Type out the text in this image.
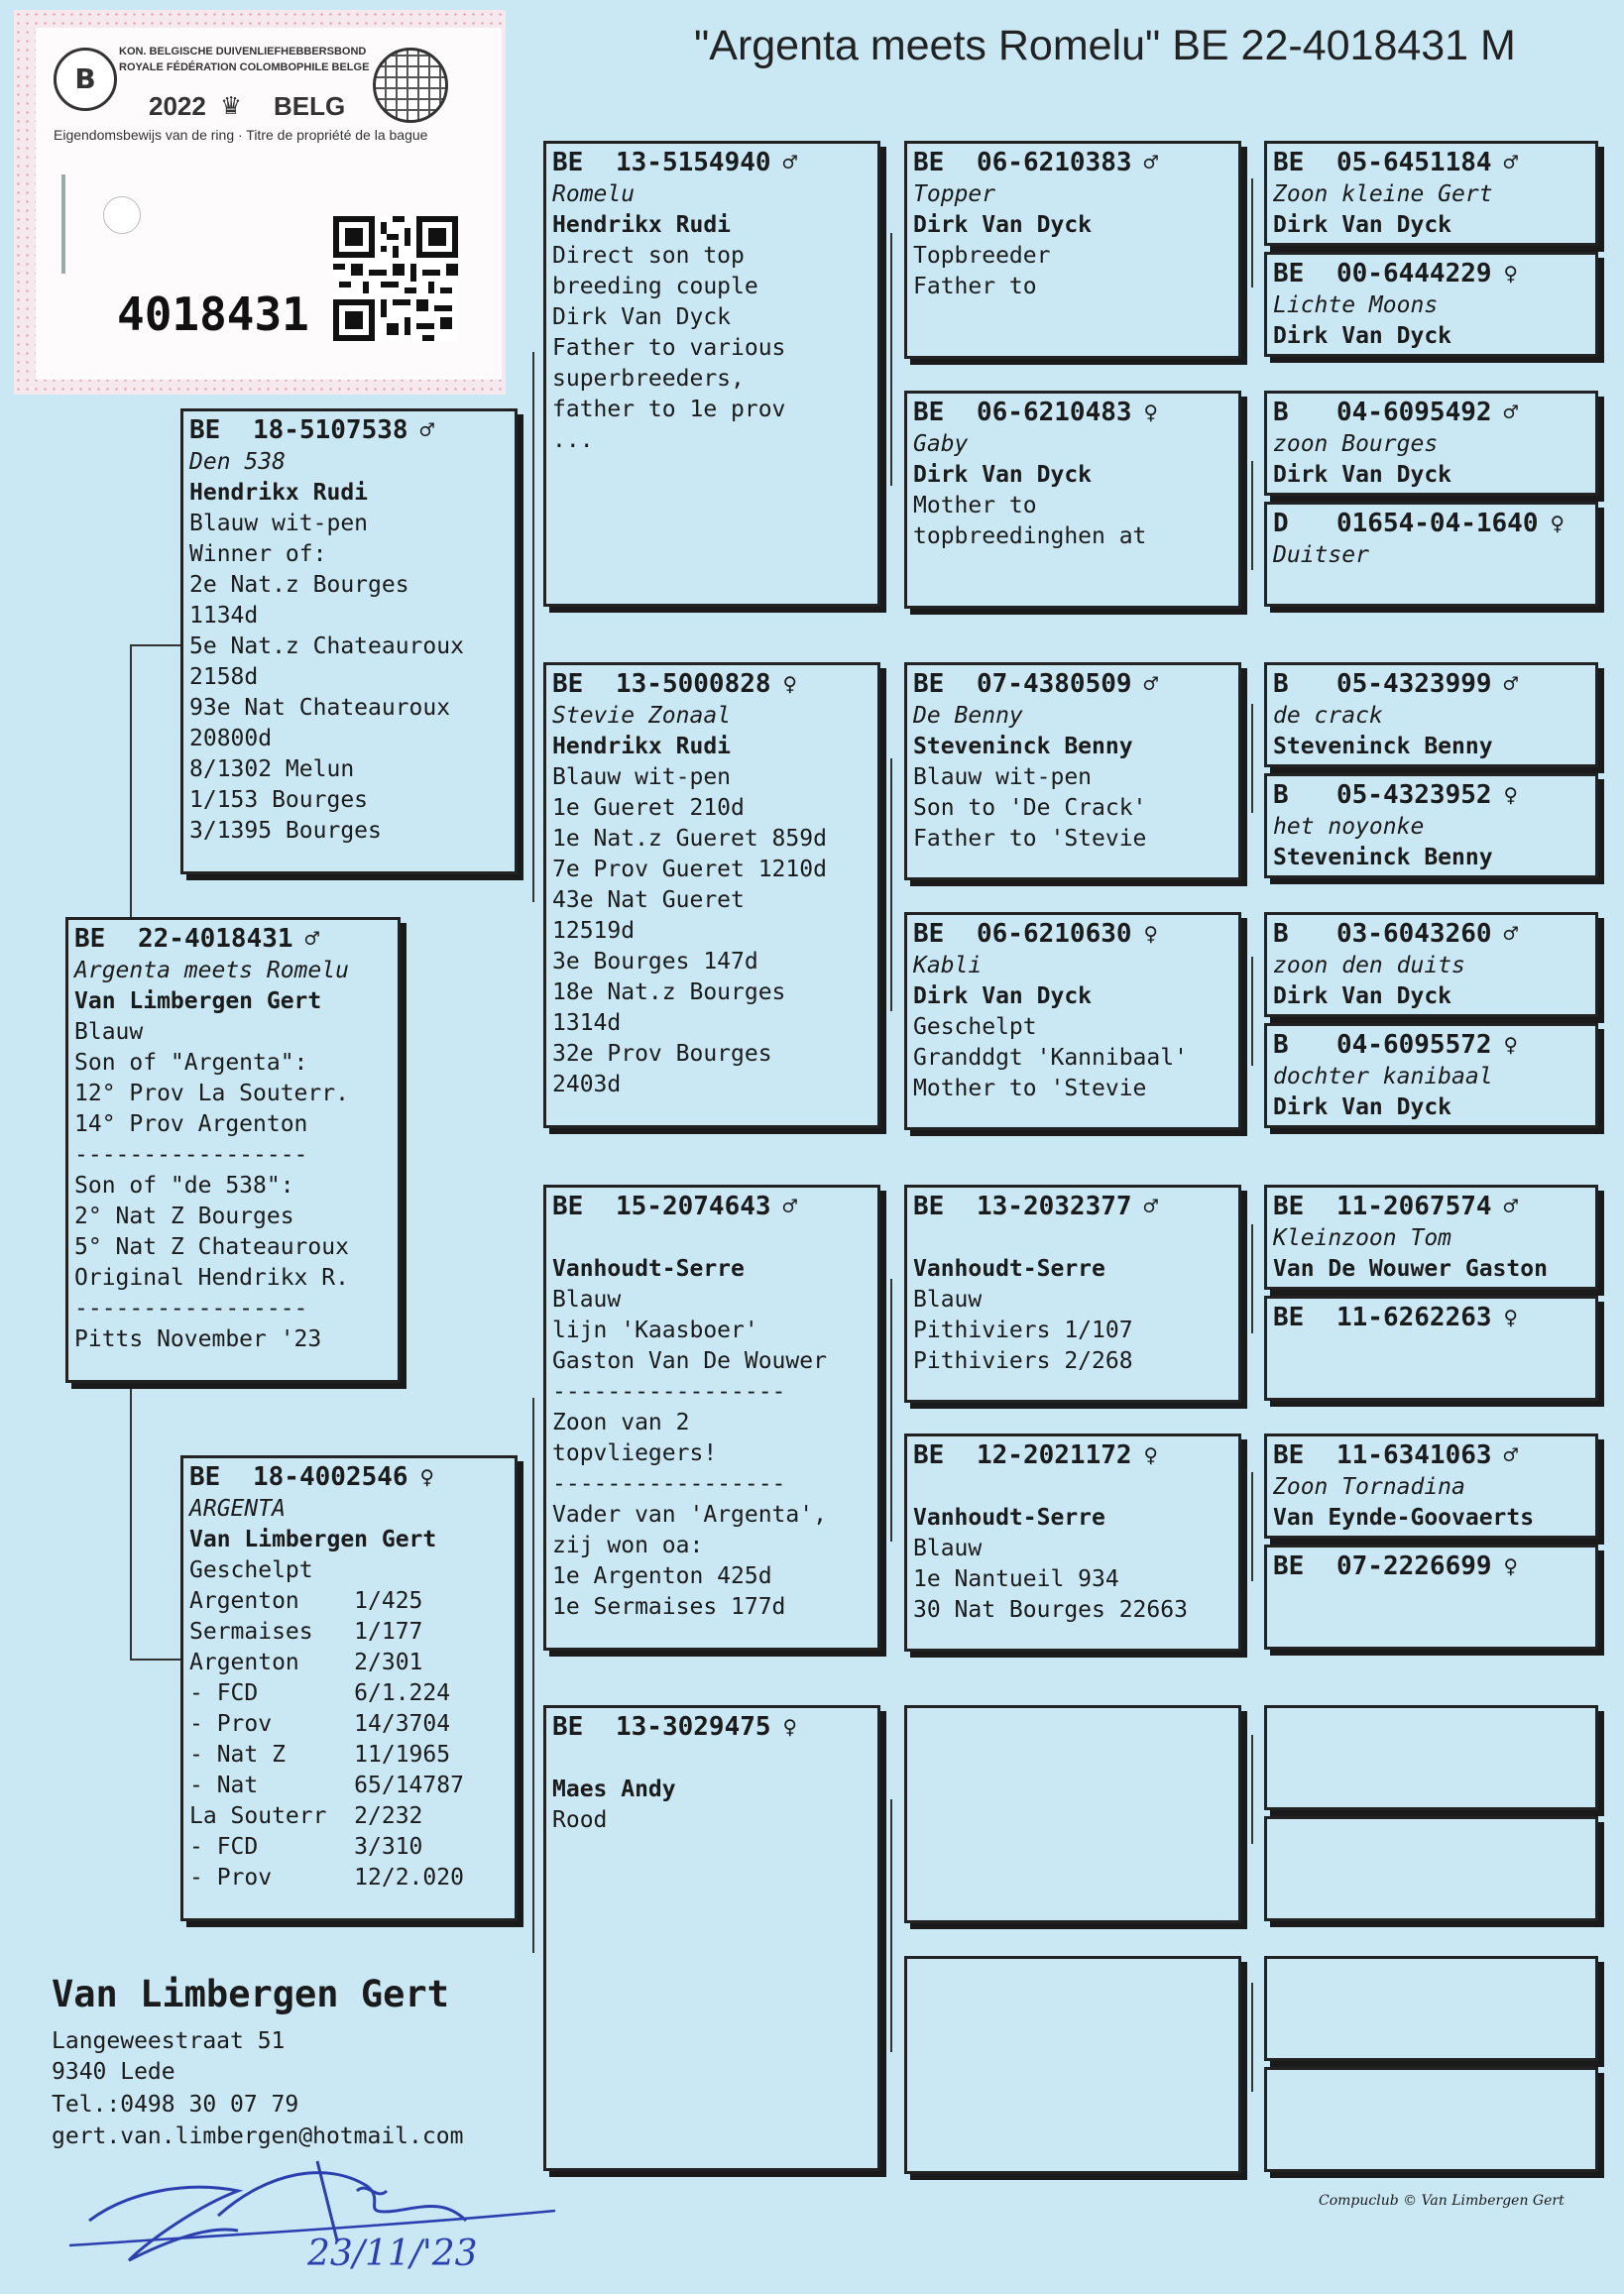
"Argenta meets Romelu" BE 22-4018431 M
B
KON. BELGISCHE DUIVENLIEFHEBBERSBOND
ROYALE FÉDÉRATION COLOMBOPHILE BELGE
2022 ♛ BELG
Eigendomsbewijs van de ring · Titre de propriété de la bague
4018431
BE	22-4018431 ♂
Argenta meets Romelu
Van Limbergen Gert
Blauw
Son of "Argenta":
12° Prov La Souterr.
14° Prov Argenton
-----------------
Son of "de 538":
2° Nat Z Bourges
5° Nat Z Chateauroux
Original Hendrikx R.
-----------------
Pitts November '23
BE	18-5107538 ♂
Den 538
Hendrikx Rudi
Blauw wit-pen
Winner of:
2e Nat.z Bourges
1134d
5e Nat.z Chateauroux
2158d
93e Nat Chateauroux
20800d
8/1302 Melun
1/153 Bourges
3/1395 Bourges
BE	18-4002546 ♀
ARGENTA
Van Limbergen Gert
Geschelpt
Argenton    1/425
Sermaises   1/177
Argenton    2/301
- FCD       6/1.224
- Prov      14/3704
- Nat Z     11/1965
- Nat       65/14787
La Souterr  2/232
- FCD       3/310
- Prov      12/2.020
BE	13-5154940 ♂
Romelu
Hendrikx Rudi
Direct son top
breeding couple
Dirk Van Dyck
Father to various
superbreeders,
father to 1e prov
...
BE	13-5000828 ♀
Stevie Zonaal
Hendrikx Rudi
Blauw wit-pen
1e Gueret 210d
1e Nat.z Gueret 859d
7e Prov Gueret 1210d
43e Nat Gueret
12519d
3e Bourges 147d
18e Nat.z Bourges
1314d
32e Prov Bourges
2403d
BE	15-2074643 ♂
Vanhoudt-Serre
Blauw
lijn 'Kaasboer'
Gaston Van De Wouwer
-----------------
Zoon van 2
topvliegers!
-----------------
Vader van 'Argenta',
zij won oa:
1e Argenton 425d
1e Sermaises 177d
BE	13-3029475 ♀
Maes Andy
Rood
BE	06-6210383 ♂
Topper
Dirk Van Dyck
Topbreeder
Father to
BE	06-6210483 ♀
Gaby
Dirk Van Dyck
Mother to
topbreedinghen at
BE	07-4380509 ♂
De Benny
Steveninck Benny
Blauw wit-pen
Son to 'De Crack'
Father to 'Stevie
BE	06-6210630 ♀
Kabli
Dirk Van Dyck
Geschelpt
Granddgt 'Kannibaal'
Mother to 'Stevie
BE	13-2032377 ♂
Vanhoudt-Serre
Blauw
Pithiviers 1/107
Pithiviers 2/268
BE	12-2021172 ♀
Vanhoudt-Serre
Blauw
1e Nantueil 934
30 Nat Bourges 22663
BE	05-6451184 ♂
Zoon kleine Gert
Dirk Van Dyck
BE	00-6444229 ♀
Lichte Moons
Dirk Van Dyck
B	04-6095492 ♂
zoon Bourges
Dirk Van Dyck
D	01654-04-1640 ♀
Duitser
B	05-4323999 ♂
de crack
Steveninck Benny
B	05-4323952 ♀
het noyonke
Steveninck Benny
B	03-6043260 ♂
zoon den duits
Dirk Van Dyck
B	04-6095572 ♀
dochter kanibaal
Dirk Van Dyck
BE	11-2067574 ♂
Kleinzoon Tom
Van De Wouwer Gaston
BE	11-6262263 ♀
BE	11-6341063 ♂
Zoon Tornadina
Van Eynde-Goovaerts
BE	07-2226699 ♀
Van Limbergen Gert
Langeweestraat 51
9340 Lede
Tel.:0498 30 07 79
gert.van.limbergen@hotmail.com
23/11/'23
Compuclub © Van Limbergen Gert
